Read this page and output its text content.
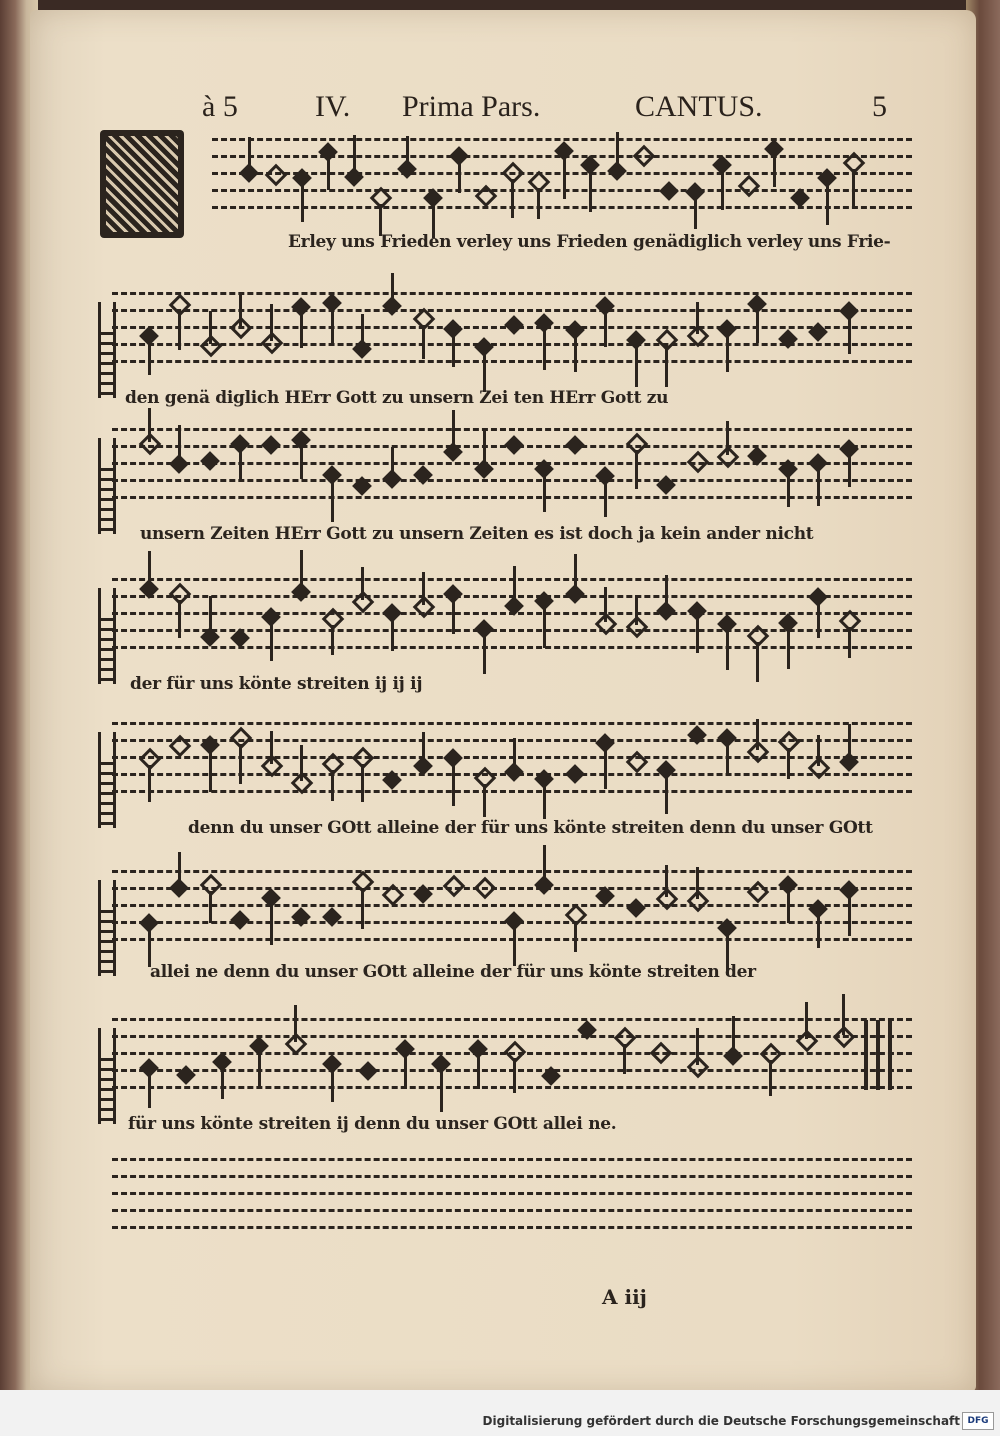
à 5	IV. Prima Pars.	CANTUS.	5
Erley uns Frieden verley uns Frieden genädiglich verley uns Frie-
den genä diglich HErr Gott zu unsern Zei ten HErr Gott zu
unsern Zeiten HErr Gott zu unsern Zeiten es ist doch ja kein ander nicht
der für uns könte streiten ij ij ij
denn du unser GOtt alleine der für uns könte streiten denn du unser GOtt
allei ne denn du unser GOtt alleine der für uns könte streiten der
für uns könte streiten ij denn du unser GOtt allei ne.
A iij
Digitalisierung gefördert durch die Deutsche Forschungsgemeinschaft DFG
